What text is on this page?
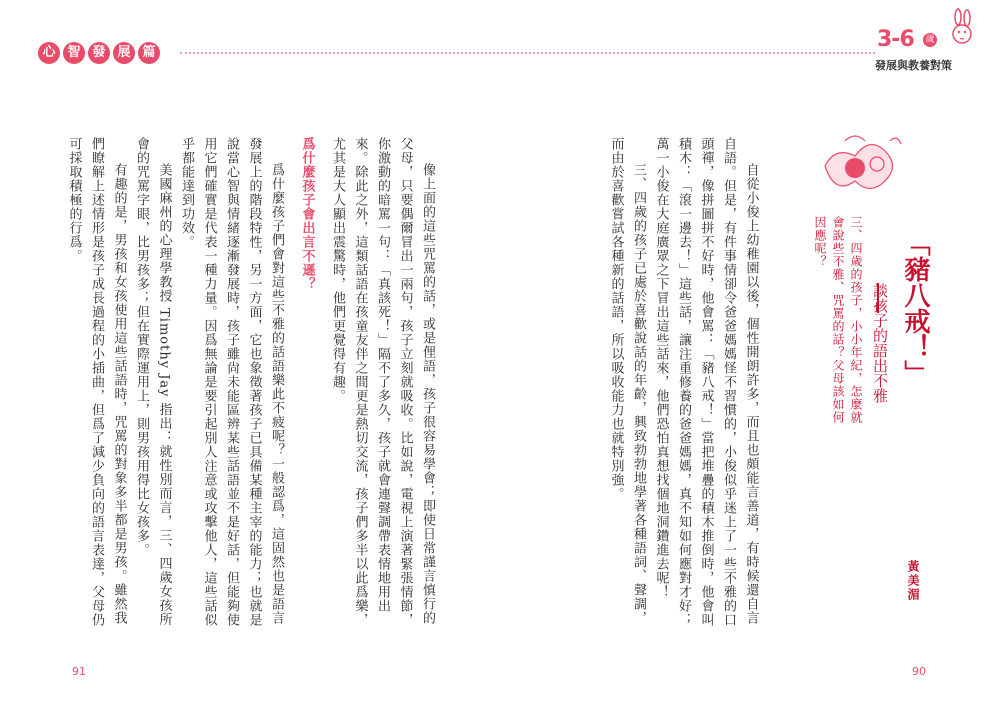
心 智 發 展 篇
3-6 歲
發展與教養對策
「豬八戒！」
談孩子的語出不雅
三、四歲的孩子，小小年紀，怎麼就會說些不雅、咒罵的話？父母該如何因應呢？
黃美湄

自從小俊上幼稚園以後，個性開朗許多，而且也頗能言善道，有時候還自言自語。但是，有件事情卻令爸爸媽媽怪不習慣的，小俊似乎迷上了一些不雅的口頭禪，像拼圖拼不好時，他會罵：「豬八戒！」當把堆疊的積木推倒時，他會叫積木：「滾一邊去！」這些話，讓注重修養的爸爸媽媽，真不知如何應對才好；萬一小俊在大庭廣眾之下冒出這些話來，他們恐怕真想找個地洞鑽進去呢！

三、四歲的孩子已處於喜歡說話的年齡，興致勃勃地學著各種語詞、聲調，而由於喜歡嘗試各種新的話語，所以吸收能力也就特別強。

像上面的這些咒罵的話，或是俚語，孩子很容易學會；即使日常謹言慎行的父母，只要偶爾冒出一兩句，孩子立刻就吸收。比如說，電視上演著緊張情節，你激動的暗罵一句：「真該死！」隔不了多久，孩子就會連聲調帶表情地用出來。除此之外，這類話語在孩童友伴之間更是熱切交流，孩子們多半以此爲樂，尤其是大人顯出震驚時，他們更覺得有趣。

爲什麼孩子會出言不遜？

爲什麼孩子們會對這些不雅的話語樂此不疲呢？一般認爲，這固然也是語言發展上的階段特性，另一方面，它也象徵著孩子已具備某種主宰的能力；也就是說當心智與情緒逐漸發展時，孩子雖尙未能區辨某些話語並不是好話，但能夠使用它們確實是代表一種力量。因爲無論是要引起別人注意或攻擊他人，這些話似乎都能達到功效。

美國麻州的心理學教授 Timothy Jay 指出：就性別而言，三、四歲女孩所會的咒罵字眼，比男孩多；但在實際運用上，則男孩用得比女孩多。

有趣的是，男孩和女孩使用這些話語時，咒罵的對象多半都是男孩。雖然我們瞭解上述情形是孩子成長過程的小插曲，但爲了減少負向的語言表達，父母仍可採取積極的行爲。

91	90
